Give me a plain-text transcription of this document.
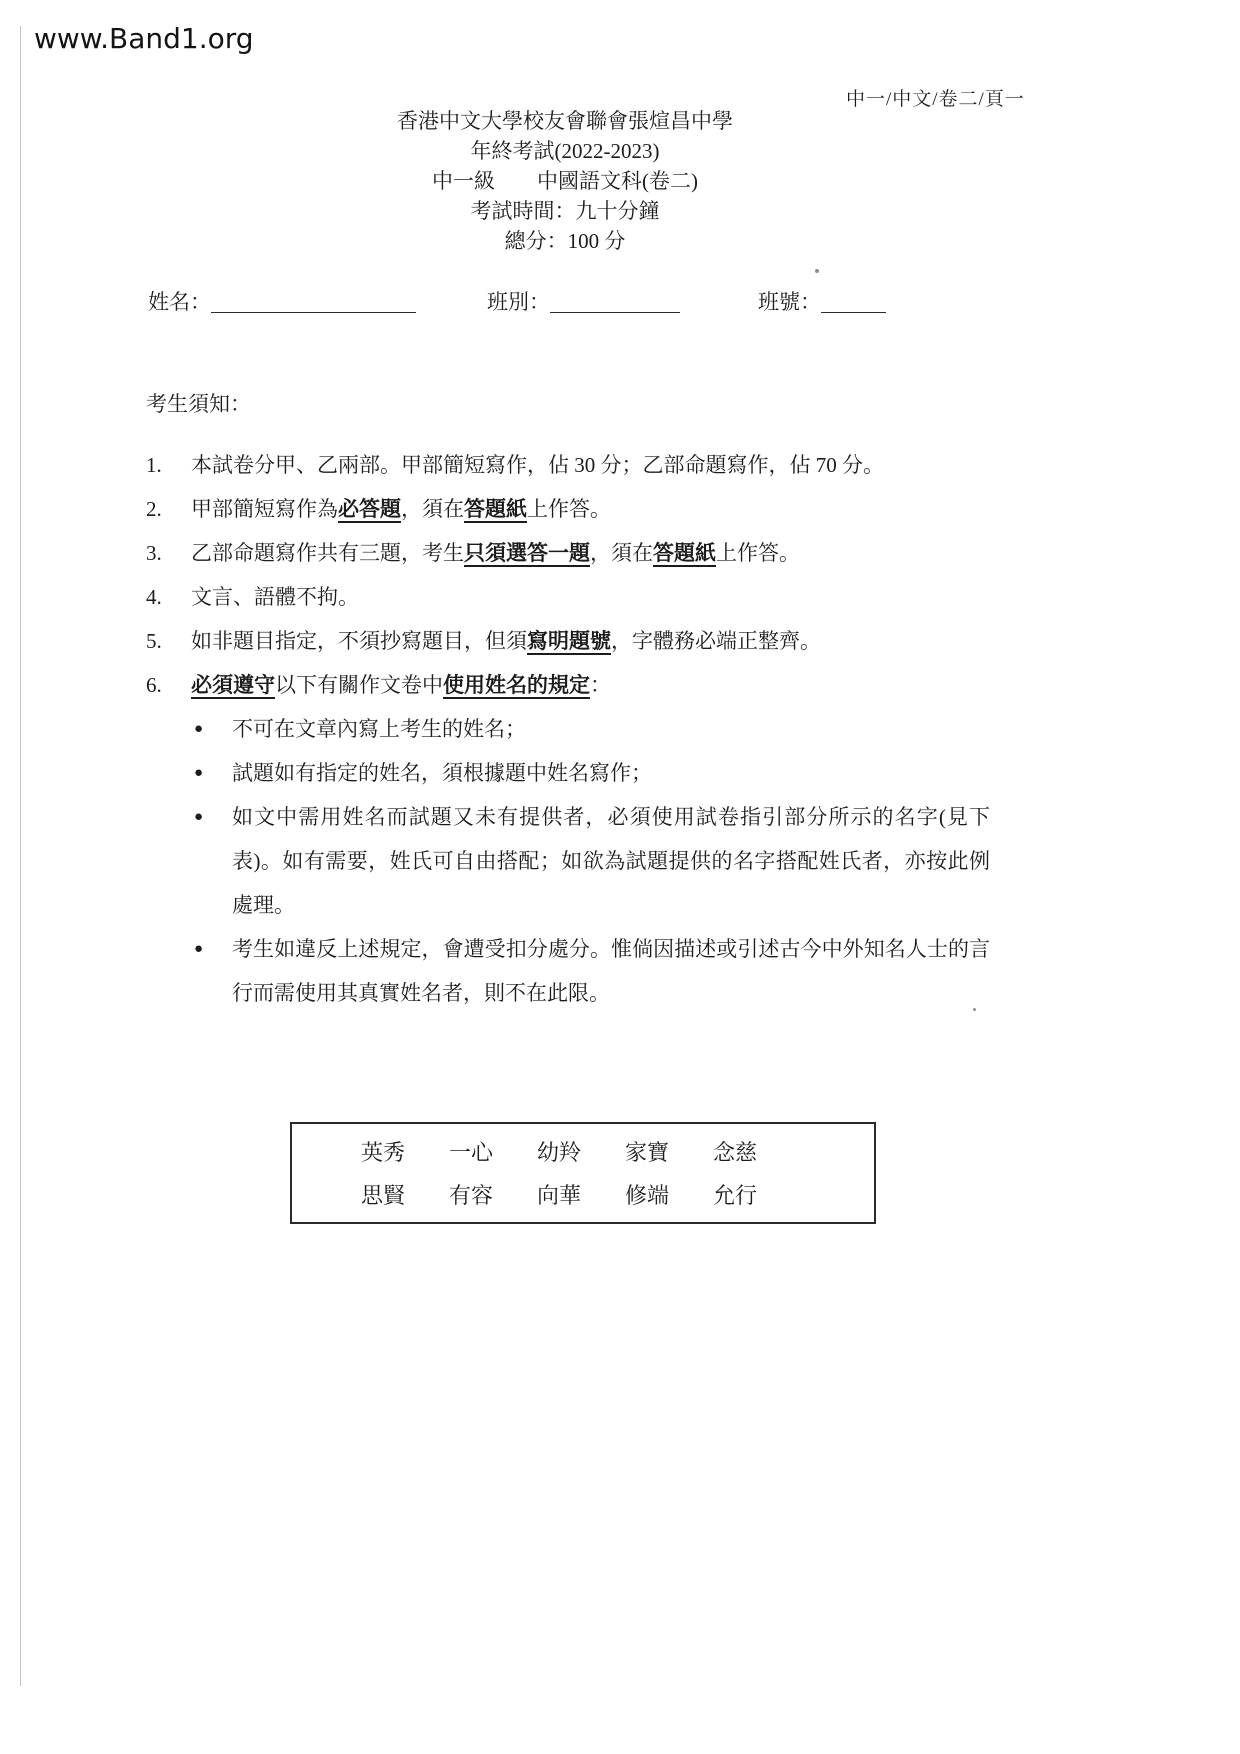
www.Band1.org
中一/中文/卷二/頁一
香港中文大學校友會聯會張煊昌中學
年終考試(2022-2023)
中一級　　中國語文科(卷二)
考試時間：九十分鐘
總分：100 分
姓名：	班別：	班號：
考生須知：
1.	本試卷分甲、乙兩部。甲部簡短寫作，佔 30 分；乙部命題寫作，佔 70 分。
2.	甲部簡短寫作為必答題，須在答題紙上作答。
3.	乙部命題寫作共有三題，考生只須選答一題，須在答題紙上作答。
4.	文言、語體不拘。
5.	如非題目指定，不須抄寫題目，但須寫明題號，字體務必端正整齊。
6.	必須遵守以下有關作文卷中使用姓名的規定：
●	不可在文章內寫上考生的姓名；
●	試題如有指定的姓名，須根據題中姓名寫作；
●	如文中需用姓名而試題又未有提供者，必須使用試卷指引部分所示的名字(見下表)。如有需要，姓氏可自由搭配；如欲為試題提供的名字搭配姓氏者，亦按此例處理。
●	考生如違反上述規定，會遭受扣分處分。惟倘因描述或引述古今中外知名人士的言行而需使用其真實姓名者，則不在此限。
英秀 一心 幼羚 家寶 念慈
思賢 有容 向華 修端 允行
